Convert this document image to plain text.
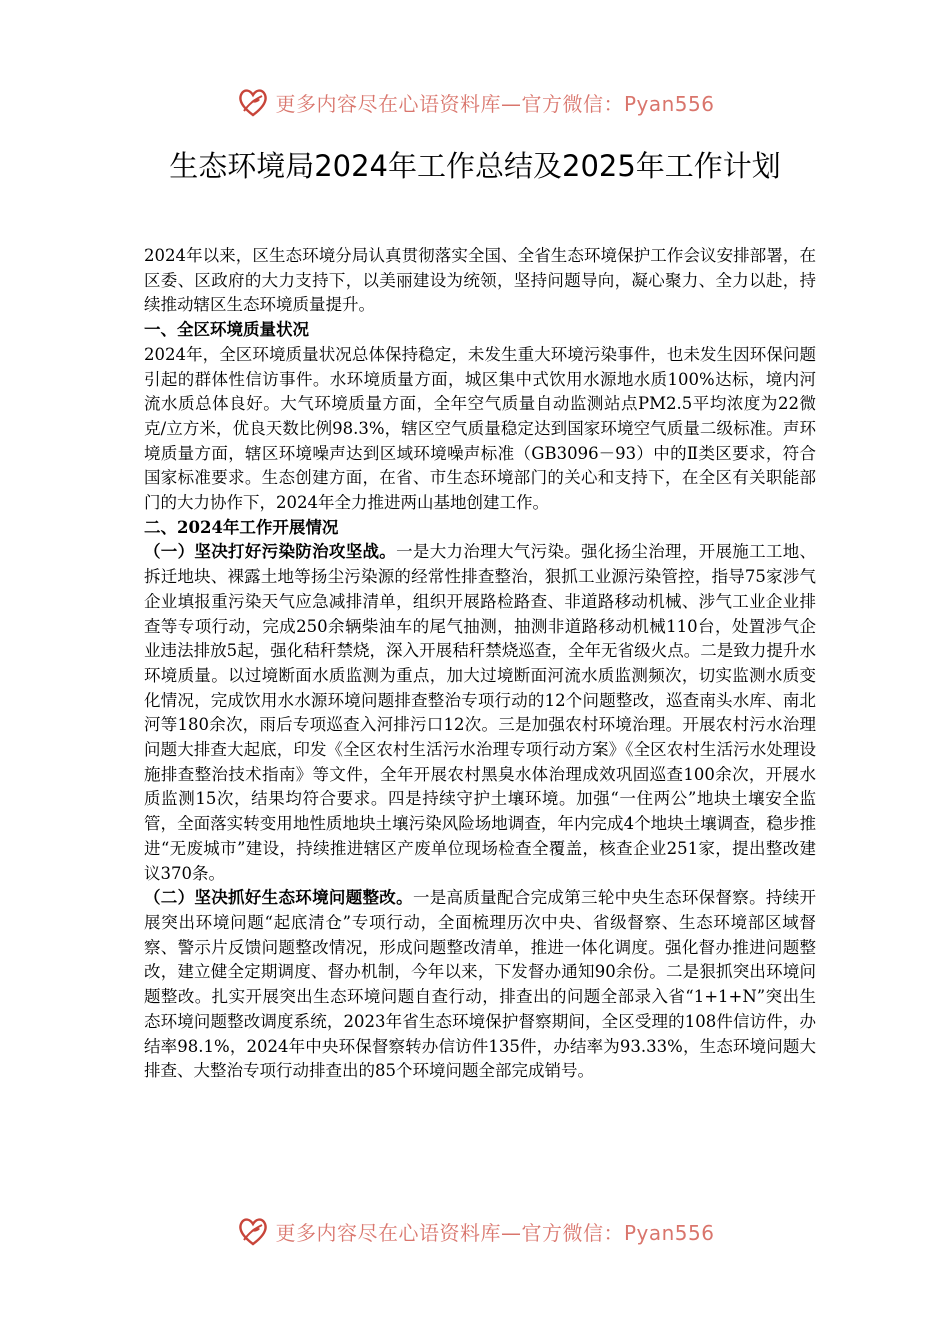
更多内容尽在心语资料库—官方微信：Pyan556
生态环境局2024年工作总结及2025年工作计划

2024年以来，区生态环境分局认真贯彻落实全国、全省生态环境保护工作会议安排部署，在区委、区政府的大力支持下，以美丽建设为统领，坚持问题导向，凝心聚力、全力以赴，持续推动辖区生态环境质量提升。

一、全区环境质量状况

2024年，全区环境质量状况总体保持稳定，未发生重大环境污染事件，也未发生因环保问题引起的群体性信访事件。水环境质量方面，城区集中式饮用水源地水质100%达标，境内河流水质总体良好。大气环境质量方面，全年空气质量自动监测站点PM2.5平均浓度为22微克/立方米，优良天数比例98.3%，辖区空气质量稳定达到国家环境空气质量二级标准。声环境质量方面，辖区环境噪声达到区域环境噪声标准（GB3096－93）中的Ⅱ类区要求，符合国家标准要求。生态创建方面，在省、市生态环境部门的关心和支持下，在全区有关职能部门的大力协作下，2024年全力推进两山基地创建工作。

二、2024年工作开展情况

（一）坚决打好污染防治攻坚战。一是大力治理大气污染。强化扬尘治理，开展施工工地、拆迁地块、裸露土地等扬尘污染源的经常性排查整治，狠抓工业源污染管控，指导75家涉气企业填报重污染天气应急减排清单，组织开展路检路查、非道路移动机械、涉气工业企业排查等专项行动，完成250余辆柴油车的尾气抽测，抽测非道路移动机械110台，处置涉气企业违法排放5起，强化秸秆禁烧，深入开展秸秆禁烧巡查，全年无省级火点。二是致力提升水环境质量。以过境断面水质监测为重点，加大过境断面河流水质监测频次，切实监测水质变化情况，完成饮用水水源环境问题排查整治专项行动的12个问题整改，巡查南头水库、南北河等180余次，雨后专项巡查入河排污口12次。三是加强农村环境治理。开展农村污水治理问题大排查大起底，印发《全区农村生活污水治理专项行动方案》《全区农村生活污水处理设施排查整治技术指南》等文件，全年开展农村黑臭水体治理成效巩固巡查100余次，开展水质监测15次，结果均符合要求。四是持续守护土壤环境。加强“一住两公”地块土壤安全监管，全面落实转变用地性质地块土壤污染风险场地调查，年内完成4个地块土壤调查，稳步推进“无废城市”建设，持续推进辖区产废单位现场检查全覆盖，核查企业251家，提出整改建议370条。

（二）坚决抓好生态环境问题整改。一是高质量配合完成第三轮中央生态环保督察。持续开展突出环境问题“起底清仓”专项行动，全面梳理历次中央、省级督察、生态环境部区域督察、警示片反馈问题整改情况，形成问题整改清单，推进一体化调度。强化督办推进问题整改，建立健全定期调度、督办机制，今年以来，下发督办通知90余份。二是狠抓突出环境问题整改。扎实开展突出生态环境问题自查行动，排查出的问题全部录入省“1+1+N”突出生态环境问题整改调度系统，2023年省生态环境保护督察期间，全区受理的108件信访件，办结率98.1%，2024年中央环保督察转办信访件135件，办结率为93.33%，生态环境问题大排查、大整治专项行动排查出的85个环境问题全部完成销号。

更多内容尽在心语资料库—官方微信：Pyan556
